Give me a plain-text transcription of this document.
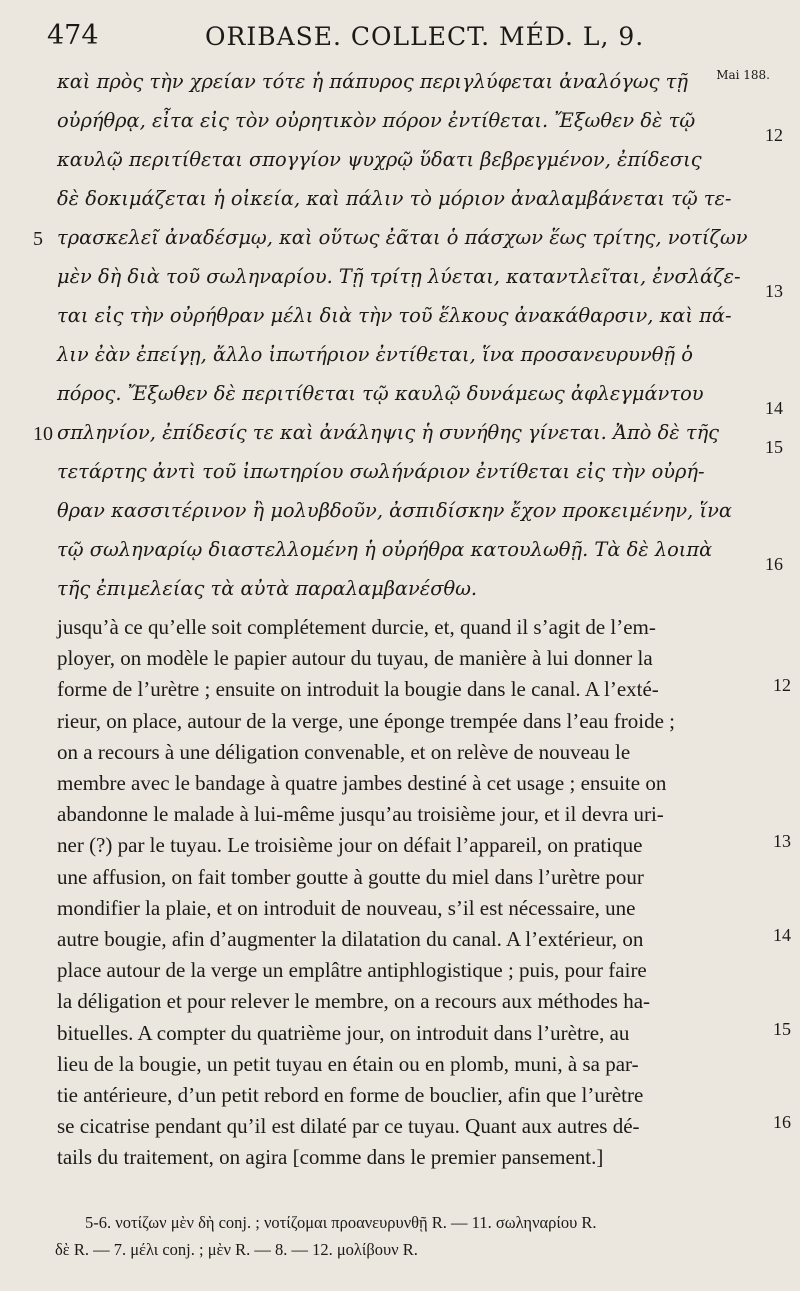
474	ORIBASE. COLLECT. MÉD. L, 9.
Mai 188.
καὶ πρὸς τὴν χρείαν τότε ἡ πάπυρος περιγλύφεται ἀναλόγως τῇ
οὐρήθρᾳ, εἶτα εἰς τὸν οὐρητικὸν πόρον ἐντίθεται. Ἔξωθεν δὲ τῷ
καυλῷ περιτίθεται σπογγίον ψυχρῷ ὕδατι βεβρεγμένον, ἐπίδεσις
δὲ δοκιμάζεται ἡ οἰκεία, καὶ πάλιν τὸ μόριον ἀναλαμβάνεται τῷ τε-
τρασκελεῖ ἀναδέσμῳ, καὶ οὕτως ἐᾶται ὁ πάσχων ἕως τρίτης, νοτίζων
μὲν δὴ διὰ τοῦ σωληναρίου. Τῇ τρίτῃ λύεται, καταντλεῖται, ἐνσλάζε-
ται εἰς τὴν οὐρήθραν μέλι διὰ τὴν τοῦ ἕλκους ἀνακάθαρσιν, καὶ πά-
λιν ἐὰν ἐπείγῃ, ἄλλο ἰπωτήριον ἐντίθεται, ἵνα προσανευρυνθῇ ὁ
πόρος. Ἔξωθεν δὲ περιτίθεται τῷ καυλῷ δυνάμεως ἀφλεγμάντου
σπληνίον, ἐπίδεσίς τε καὶ ἀνάληψις ἡ συνήθης γίνεται. Ἀπὸ δὲ τῆς
τετάρτης ἀντὶ τοῦ ἰπωτηρίου σωλήνάριον ἐντίθεται εἰς τὴν οὐρή-
θραν κασσιτέρινον ἢ μολυβδοῦν, ἀσπιδίσκην ἔχον προκειμένην, ἵνα
τῷ σωληναρίῳ διαστελλομένη ἡ οὐρήθρα κατουλωθῇ. Τὰ δὲ λοιπὰ
τῆς ἐπιμελείας τὰ αὐτὰ παραλαμβανέσθω.
5
10
12
13
14
15
16
jusqu’à ce qu’elle soit complétement durcie, et, quand il s’agit de l’em-
ployer, on modèle le papier autour du tuyau, de manière à lui donner la
forme de l’urètre ; ensuite on introduit la bougie dans le canal. A l’exté-
rieur, on place, autour de la verge, une éponge trempée dans l’eau froide ;
on a recours à une déligation convenable, et on relève de nouveau le
membre avec le bandage à quatre jambes destiné à cet usage ; ensuite on
abandonne le malade à lui-même jusqu’au troisième jour, et il devra uri-
ner (?) par le tuyau. Le troisième jour on défait l’appareil, on pratique
une affusion, on fait tomber goutte à goutte du miel dans l’urètre pour
mondifier la plaie, et on introduit de nouveau, s’il est nécessaire, une
autre bougie, afin d’augmenter la dilatation du canal. A l’extérieur, on
place autour de la verge un emplâtre antiphlogistique ; puis, pour faire
la déligation et pour relever le membre, on a recours aux méthodes ha-
bituelles. A compter du quatrième jour, on introduit dans l’urètre, au
lieu de la bougie, un petit tuyau en étain ou en plomb, muni, à sa par-
tie antérieure, d’un petit rebord en forme de bouclier, afin que l’urètre
se cicatrise pendant qu’il est dilaté par ce tuyau. Quant aux autres dé-
tails du traitement, on agira [comme dans le premier pansement.]
12
13
14
15
16
5-6. νοτίζων μὲν δὴ conj. ; νοτίζομαι προανευρυνθῇ R. — 11. σωληναρίου R.
δὲ R. — 7. μέλι conj. ; μὲν R. — 8. — 12. μολίβουν R.
